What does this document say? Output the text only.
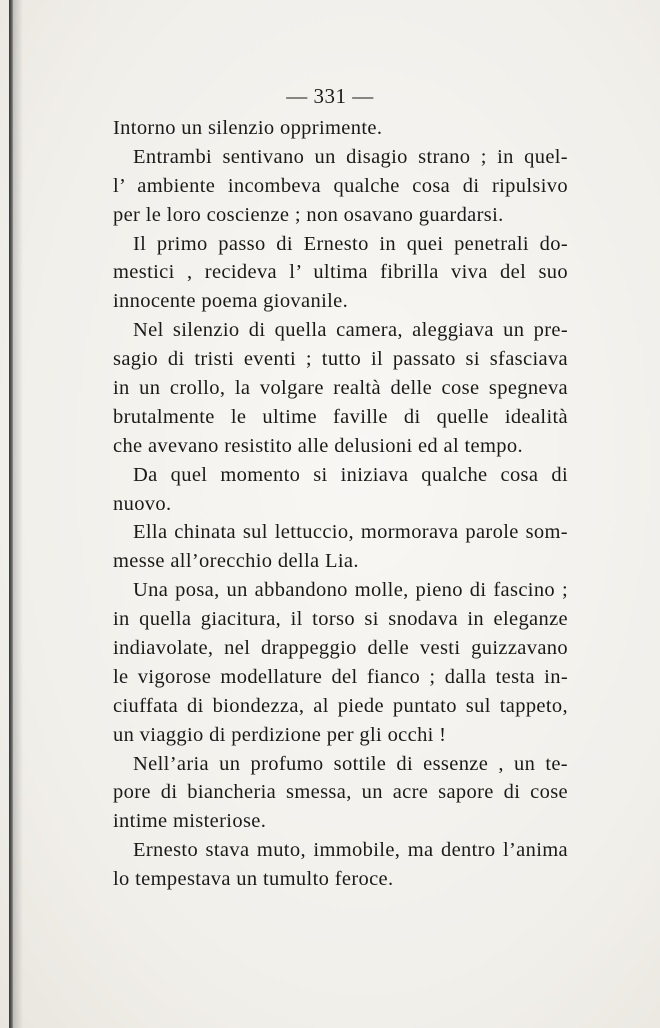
— 331 —
Intorno un silenzio opprimente.
Entrambi sentivano un disagio strano ; in quel-
l’ ambiente incombeva qualche cosa di ripulsivo
per le loro coscienze ; non osavano guardarsi.
Il primo passo di Ernesto in quei penetrali do-
mestici , recideva l’ ultima fibrilla viva del suo
innocente poema giovanile.
Nel silenzio di quella camera, aleggiava un pre-
sagio di tristi eventi ; tutto il passato si sfasciava
in un crollo, la volgare realtà delle cose spegneva
brutalmente le ultime faville di quelle idealità
che avevano resistito alle delusioni ed al tempo.
Da quel momento si iniziava qualche cosa di
nuovo.
Ella chinata sul lettuccio, mormorava parole som-
messe all’orecchio della Lia.
Una posa, un abbandono molle, pieno di fascino ;
in quella giacitura, il torso si snodava in eleganze
indiavolate, nel drappeggio delle vesti guizzavano
le vigorose modellature del fianco ; dalla testa in-
ciuffata di biondezza, al piede puntato sul tappeto,
un viaggio di perdizione per gli occhi !
Nell’aria un profumo sottile di essenze , un te-
pore di biancheria smessa, un acre sapore di cose
intime misteriose.
Ernesto stava muto, immobile, ma dentro l’anima
lo tempestava un tumulto feroce.
